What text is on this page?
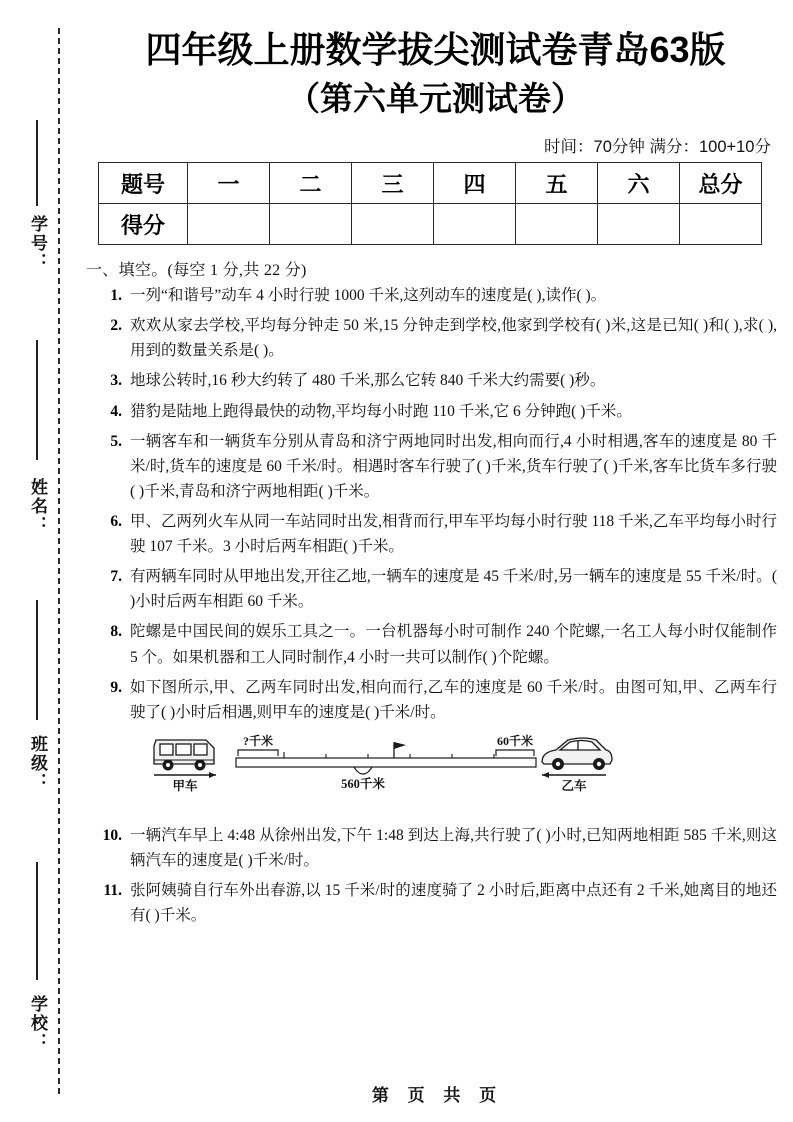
学号：
姓名：
班级：
学校：
四年级上册数学拔尖测试卷青岛63版
（第六单元测试卷）
时间：70分钟 满分：100+10分
题号	一	二	三	四	五	六	总分
得分							
一、填空。(每空 1 分,共 22 分)
1. 一列“和谐号”动车 4 小时行驶 1000 千米,这列动车的速度是( ),读作( )。
2. 欢欢从家去学校,平均每分钟走 50 米,15 分钟走到学校,他家到学校有( )米,这是已知( )和( ),求( ),用到的数量关系是( )。
3. 地球公转时,16 秒大约转了 480 千米,那么它转 840 千米大约需要( )秒。
4. 猎豹是陆地上跑得最快的动物,平均每小时跑 110 千米,它 6 分钟跑( )千米。
5. 一辆客车和一辆货车分别从青岛和济宁两地同时出发,相向而行,4 小时相遇,客车的速度是 80 千米/时,货车的速度是 60 千米/时。相遇时客车行驶了( )千米,货车行驶了( )千米,客车比货车多行驶( )千米,青岛和济宁两地相距( )千米。
6. 甲、乙两列火车从同一车站同时出发,相背而行,甲车平均每小时行驶 118 千米,乙车平均每小时行驶 107 千米。3 小时后两车相距( )千米。
7. 有两辆车同时从甲地出发,开往乙地,一辆车的速度是 45 千米/时,另一辆车的速度是 55 千米/时。( )小时后两车相距 60 千米。
8. 陀螺是中国民间的娱乐工具之一。一台机器每小时可制作 240 个陀螺,一名工人每小时仅能制作 5 个。如果机器和工人同时制作,4 小时一共可以制作( )个陀螺。
9. 如下图所示,甲、乙两车同时出发,相向而行,乙车的速度是 60 千米/时。由图可知,甲、乙两车行驶了( )小时后相遇,则甲车的速度是( )千米/时。
甲车
?千米	60千米
560千米	乙车
10. 一辆汽车早上 4:48 从徐州出发,下午 1:48 到达上海,共行驶了( )小时,已知两地相距 585 千米,则这辆汽车的速度是( )千米/时。
11. 张阿姨骑自行车外出春游,以 15 千米/时的速度骑了 2 小时后,距离中点还有 2 千米,她离目的地还有( )千米。
第 页 共 页
